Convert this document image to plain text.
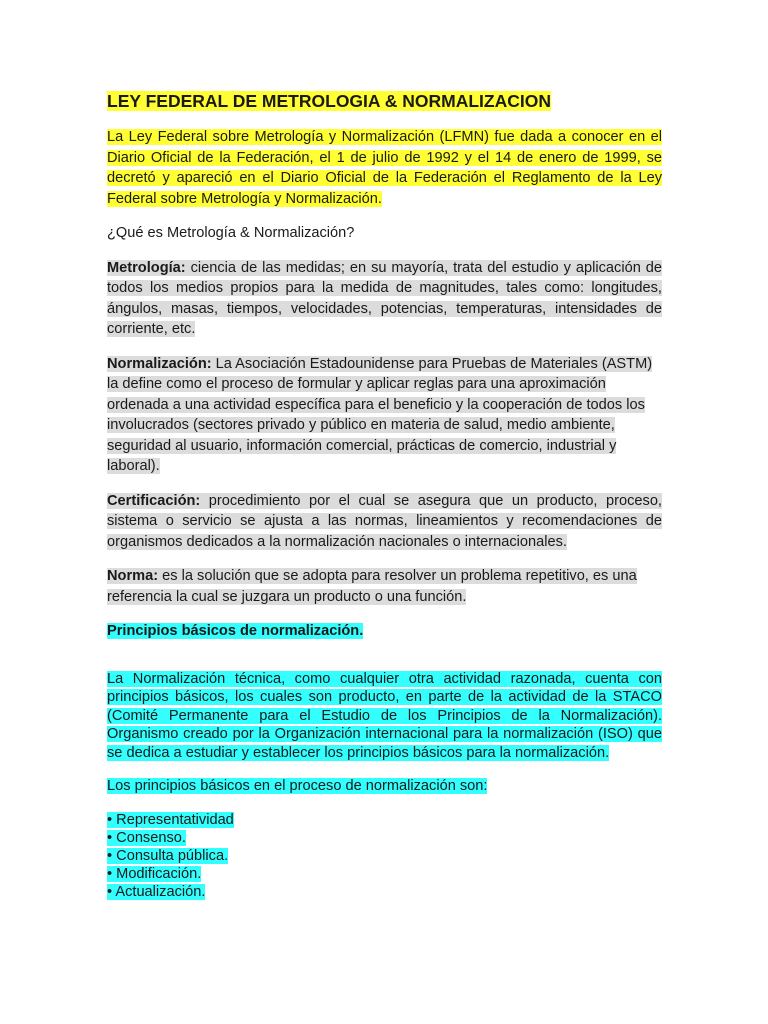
LEY FEDERAL DE METROLOGIA & NORMALIZACION

La Ley Federal sobre Metrología y Normalización (LFMN) fue dada a conocer en el Diario Oficial de la Federación, el 1 de julio de 1992 y el 14 de enero de 1999, se decretó y apareció en el Diario Oficial de la Federación el Reglamento de la Ley Federal sobre Metrología y Normalización.

¿Qué es Metrología & Normalización?

Metrología: ciencia de las medidas; en su mayoría, trata del estudio y aplicación de todos los medios propios para la medida de magnitudes, tales como: longitudes, ángulos, masas, tiempos, velocidades, potencias, temperaturas, intensidades de corriente, etc.

Normalización: La Asociación Estadounidense para Pruebas de Materiales (ASTM) la define como el proceso de formular y aplicar reglas para una aproximación ordenada a una actividad específica para el beneficio y la cooperación de todos los involucrados (sectores privado y público en materia de salud, medio ambiente, seguridad al usuario, información comercial, prácticas de comercio, industrial y laboral).

Certificación: procedimiento por el cual se asegura que un producto, proceso, sistema o servicio se ajusta a las normas, lineamientos y recomendaciones de organismos dedicados a la normalización nacionales o internacionales.

Norma: es la solución que se adopta para resolver un problema repetitivo, es una referencia la cual se juzgara un producto o una función.

Principios básicos de normalización.

La Normalización técnica, como cualquier otra actividad razonada, cuenta con principios básicos, los cuales son producto, en parte de la actividad de la STACO (Comité Permanente para el Estudio de los Principios de la Normalización). Organismo creado por la Organización internacional para la normalización (ISO) que se dedica a estudiar y establecer los principios básicos para la normalización.

Los principios básicos en el proceso de normalización son:

• Representatividad
• Consenso.
• Consulta pública.
• Modificación.
• Actualización.
